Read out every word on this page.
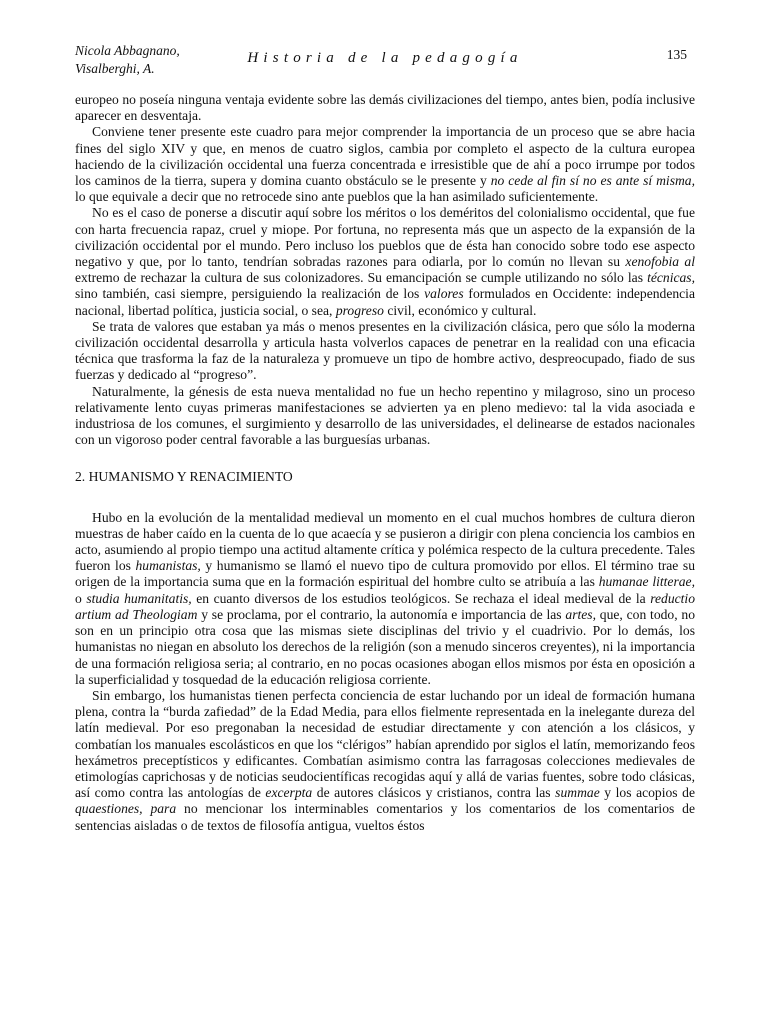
Nicola Abbagnano,
Visalberghi, A.
Historia de la pedagogía	135

europeo no poseía ninguna ventaja evidente sobre las demás civilizaciones del tiempo, antes bien, podía inclusive aparecer en desventaja.

Conviene tener presente este cuadro para mejor comprender la importancia de un proceso que se abre hacia fines del siglo XIV y que, en menos de cuatro siglos, cambia por completo el aspecto de la cultura europea haciendo de la civilización occidental una fuerza concentrada e irresistible que de ahí a poco irrumpe por todos los caminos de la tierra, supera y domina cuanto obstáculo se le presente y no cede al fin sí no es ante sí misma, lo que equivale a decir que no retrocede sino ante pueblos que la han asimilado suficientemente.

No es el caso de ponerse a discutir aquí sobre los méritos o los deméritos del colonialismo occidental, que fue con harta frecuencia rapaz, cruel y miope. Por fortuna, no representa más que un aspecto de la expansión de la civilización occidental por el mundo. Pero incluso los pueblos que de ésta han conocido sobre todo ese aspecto negativo y que, por lo tanto, tendrían sobradas razones para odiarla, por lo común no llevan su xenofobia al extremo de rechazar la cultura de sus colonizadores. Su emancipación se cumple utilizando no sólo las técnicas, sino también, casi siempre, persiguiendo la realización de los valores formulados en Occidente: independencia nacional, libertad política, justicia social, o sea, progreso civil, económico y cultural.

Se trata de valores que estaban ya más o menos presentes en la civilización clásica, pero que sólo la moderna civilización occidental desarrolla y articula hasta volverlos capaces de penetrar en la realidad con una eficacia técnica que trasforma la faz de la naturaleza y promueve un tipo de hombre activo, despreocupado, fiado de sus fuerzas y dedicado al “progreso”.

Naturalmente, la génesis de esta nueva mentalidad no fue un hecho repentino y milagroso, sino un proceso relativamente lento cuyas primeras manifestaciones se advierten ya en pleno medievo: tal la vida asociada e industriosa de los comunes, el surgimiento y desarrollo de las universidades, el delinearse de estados nacionales con un vigoroso poder central favorable a las burguesías urbanas.

2. HUMANISMO Y RENACIMIENTO

Hubo en la evolución de la mentalidad medieval un momento en el cual muchos hombres de cultura dieron muestras de haber caído en la cuenta de lo que acaecía y se pusieron a dirigir con plena conciencia los cambios en acto, asumiendo al propio tiempo una actitud altamente crítica y polémica respecto de la cultura precedente. Tales fueron los humanistas, y humanismo se llamó el nuevo tipo de cultura promovido por ellos. El término trae su origen de la importancia suma que en la formación espiritual del hombre culto se atribuía a las humanae litterae, o studia humanitatis, en cuanto diversos de los estudios teológicos. Se rechaza el ideal medieval de la reductio artium ad Theologiam y se proclama, por el contrario, la autonomía e importancia de las artes, que, con todo, no son en un principio otra cosa que las mismas siete disciplinas del trivio y el cuadrivio. Por lo demás, los humanistas no niegan en absoluto los derechos de la religión (son a menudo sinceros creyentes), ni la importancia de una formación religiosa seria; al contrario, en no pocas ocasiones abogan ellos mismos por ésta en oposición a la superficialidad y tosquedad de la educación religiosa corriente.

Sin embargo, los humanistas tienen perfecta conciencia de estar luchando por un ideal de formación humana plena, contra la “burda zafiedad” de la Edad Media, para ellos fielmente representada en la inelegante dureza del latín medieval. Por eso pregonaban la necesidad de estudiar directamente y con atención a los clásicos, y combatían los manuales escolásticos en que los “clérigos” habían aprendido por siglos el latín, memorizando feos hexámetros preceptísticos y edificantes. Combatían asimismo contra las farragosas colecciones medievales de etimologías caprichosas y de noticias seudocientíficas recogidas aquí y allá de varias fuentes, sobre todo clásicas, así como contra las antologías de excerpta de autores clásicos y cristianos, contra las summae y los acopios de quaestiones, para no mencionar los interminables comentarios y los comentarios de los comentarios de sentencias aisladas o de textos de filosofía antigua, vueltos éstos
